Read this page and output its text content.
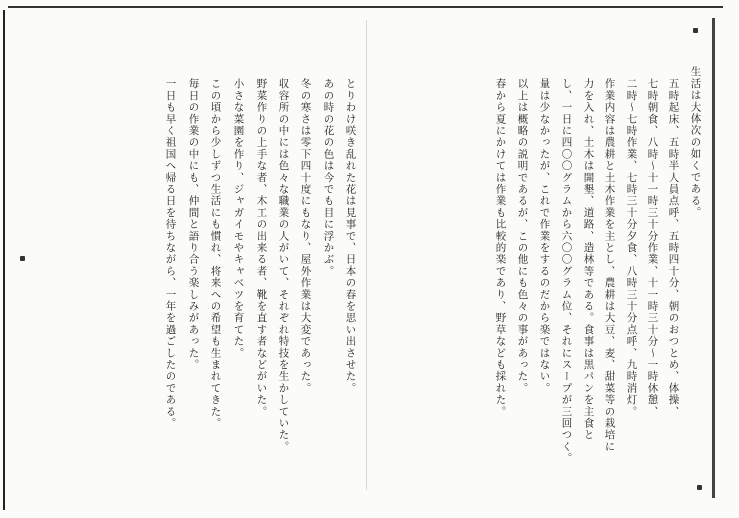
生活は大体次の如くである。
五時起床、五時半人員点呼、五時四十分、朝のおつとめ、体操、
七時朝食、八時〜十一時三十分作業、十一時三十分〜一時休憩、
二時〜七時作業、七時三十分夕食、八時三十分点呼、九時消灯。
作業内容は農耕と土木作業を主とし、農耕は大豆、麦、甜菜等の栽培に
力を入れ、土木は開墾、道路、造林等である。食事は黒パンを主食と
し、一日に四〇〇グラムから六〇〇グラム位、それにスープが三回つく。
量は少なかったが、これで作業をするのだから楽ではない。
以上は概略の説明であるが、この他にも色々の事があった。
春から夏にかけては作業も比較的楽であり、野草なども採れた。
とりわけ咲き乱れた花は見事で、日本の春を思い出させた。
あの時の花の色は今でも目に浮かぶ。
冬の寒さは零下四十度にもなり、屋外作業は大変であった。
収容所の中には色々な職業の人がいて、それぞれ特技を生かしていた。
野菜作りの上手な者、木工の出来る者、靴を直す者などがいた。
小さな菜園を作り、ジャガイモやキャベツを育てた。
この頃から少しずつ生活にも慣れ、将来への希望も生まれてきた。
毎日の作業の中にも、仲間と語り合う楽しみがあった。
一日も早く祖国へ帰る日を待ちながら、一年を過ごしたのである。
